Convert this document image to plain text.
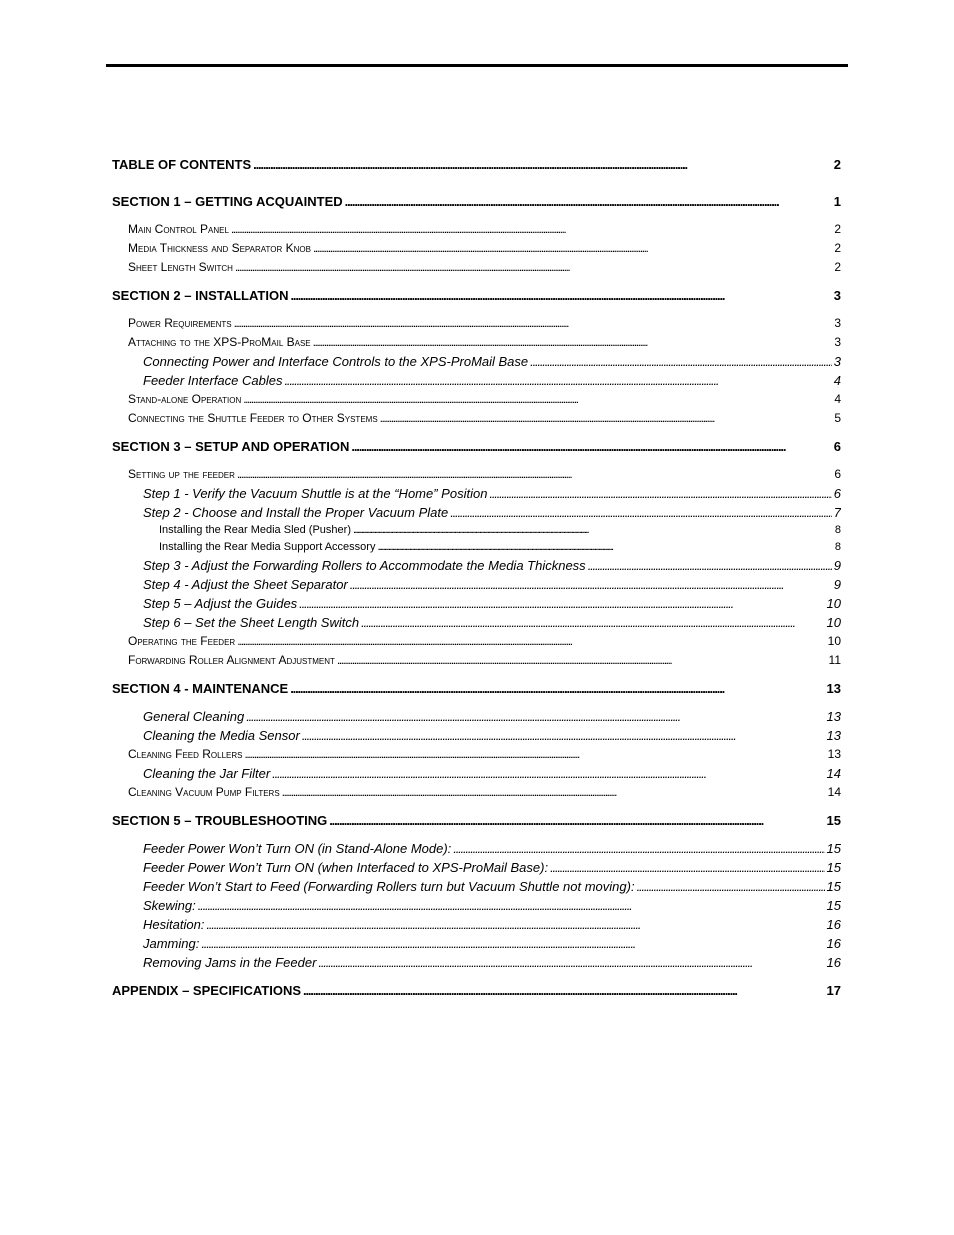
TABLE OF CONTENTS . . .	2
SECTION 1 – GETTING ACQUAINTED . . .	1
Main Control Panel . . .	2
Media Thickness and Separator Knob . . .	2
Sheet Length Switch . . .	2
SECTION 2 – INSTALLATION . . .	3
Power Requirements . . .	3
Attaching to the XPS-ProMail Base . . .	3
Connecting Power and Interface Controls to the XPS-ProMail Base . . .	3
Feeder Interface Cables . . .	4
Stand-alone Operation . . .	4
Connecting the Shuttle Feeder to Other Systems . . .	5
SECTION 3 – SETUP AND OPERATION . . .	6
Setting up the feeder . . .	6
Step 1 - Verify the Vacuum Shuttle is at the “Home” Position . . .	6
Step 2 - Choose and Install the Proper Vacuum Plate . . .	7
Installing the Rear Media Sled (Pusher) . . .	8
Installing the Rear Media Support Accessory . . .	8
Step 3 - Adjust the Forwarding Rollers to Accommodate the Media Thickness . . .	9
Step 4 - Adjust the Sheet Separator . . .	9
Step 5 – Adjust the Guides . . .	10
Step 6 – Set the Sheet Length Switch . . .	10
Operating the Feeder . . .	10
Forwarding Roller Alignment Adjustment . . .	11
SECTION 4 - MAINTENANCE . . .	13
General Cleaning . . .	13
Cleaning the Media Sensor . . .	13
Cleaning Feed Rollers . . .	13
Cleaning the Jar Filter . . .	14
Cleaning Vacuum Pump Filters . . .	14
SECTION 5 – TROUBLESHOOTING . . .	15
Feeder Power Won’t Turn ON (in Stand-Alone Mode): . . .	15
Feeder Power Won’t Turn ON (when Interfaced to XPS-ProMail Base): . . .	15
Feeder Won’t Start to Feed (Forwarding Rollers turn but Vacuum Shuttle not moving): . . .	15
Skewing: . . .	15
Hesitation: . . .	16
Jamming: . . .	16
Removing Jams in the Feeder . . .	16
APPENDIX – SPECIFICATIONS . . .	17
